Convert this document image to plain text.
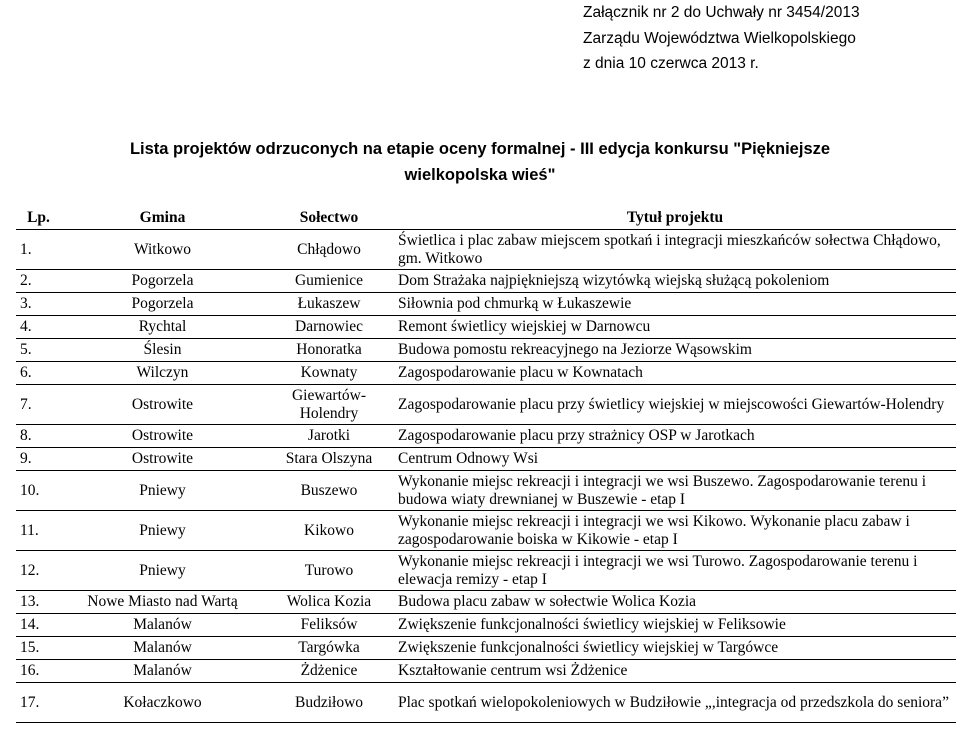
Załącznik nr 2 do Uchwały nr 3454/2013
Zarządu Województwa Wielkopolskiego
z dnia 10 czerwca 2013 r.
Lista projektów odrzuconych na etapie oceny formalnej - III edycja konkursu "Piękniejsze
wielkopolska wieś"
Lp.	Gmina	Sołectwo	Tytuł projektu
1.	Witkowo	Chłądowo	Świetlica i plac zabaw miejscem spotkań i integracji mieszkańców sołectwa Chłądowo, gm. Witkowo
2.	Pogorzela	Gumienice	Dom Strażaka najpiękniejszą wizytówką wiejską służącą pokoleniom
3.	Pogorzela	Łukaszew	Siłownia pod chmurką w Łukaszewie
4.	Rychtal	Darnowiec	Remont świetlicy wiejskiej w Darnowcu
5.	Ślesin	Honoratka	Budowa pomostu rekreacyjnego na Jeziorze Wąsowskim
6.	Wilczyn	Kownaty	Zagospodarowanie placu w Kownatach
7.	Ostrowite	Giewartów-Holendry	Zagospodarowanie placu przy świetlicy wiejskiej w miejscowości Giewartów-Holendry
8.	Ostrowite	Jarotki	Zagospodarowanie placu przy strażnicy OSP w Jarotkach
9.	Ostrowite	Stara Olszyna	Centrum Odnowy Wsi
10.	Pniewy	Buszewo	Wykonanie miejsc rekreacji i integracji we wsi Buszewo. Zagospodarowanie terenu i budowa wiaty drewnianej w Buszewie - etap I
11.	Pniewy	Kikowo	Wykonanie miejsc rekreacji i integracji we wsi Kikowo. Wykonanie placu zabaw i zagospodarowanie boiska w Kikowie - etap I
12.	Pniewy	Turowo	Wykonanie miejsc rekreacji i integracji we wsi Turowo. Zagospodarowanie terenu i elewacja remizy - etap I
13.	Nowe Miasto nad Wartą	Wolica Kozia	Budowa placu zabaw w sołectwie Wolica Kozia
14.	Malanów	Feliksów	Zwiększenie funkcjonalności świetlicy wiejskiej w Feliksowie
15.	Malanów	Targówka	Zwiększenie funkcjonalności świetlicy wiejskiej w Targówce
16.	Malanów	Żdżenice	Kształtowanie centrum wsi Żdżenice
17.	Kołaczkowo	Budziłowo	Plac spotkań wielopokoleniowych w Budziłowie „,integracja od przedszkola do seniora”
